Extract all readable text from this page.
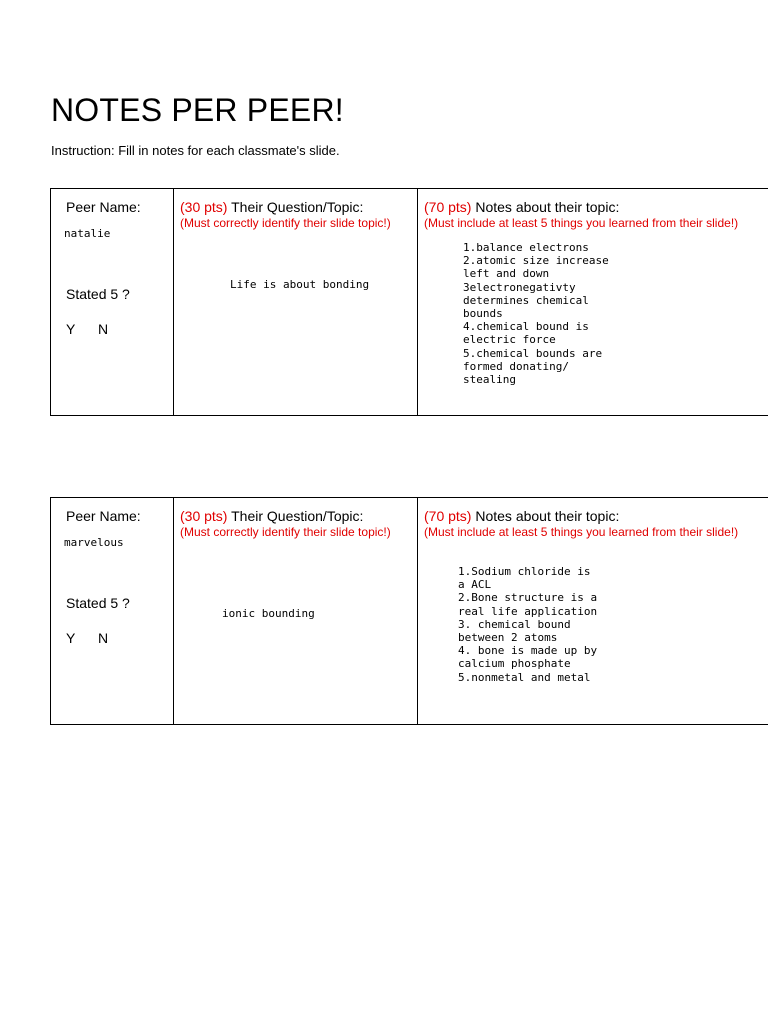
NOTES PER PEER!
Instruction: Fill in notes for each classmate's slide.
Peer Name:
natalie
Stated 5 ?
Y N

(30 pts) Their Question/Topic:
(Must correctly identify their slide topic!)
Life is about bonding

(70 pts) Notes about their topic:
(Must include at least 5 things you learned from their slide!)
1.balance electrons
2.atomic size increase
left and down
3electronegativty
determines chemical
bounds
4.chemical bound is
electric force
5.chemical bounds are
formed donating/
stealing
Peer Name:
marvelous
Stated 5 ?
Y N

(30 pts) Their Question/Topic:
(Must correctly identify their slide topic!)
ionic bounding

(70 pts) Notes about their topic:
(Must include at least 5 things you learned from their slide!)
1.Sodium chloride is
a ACL
2.Bone structure is a
real life application
3. chemical bound
between 2 atoms
4. bone is made up by
calcium phosphate
5.nonmetal and metal
